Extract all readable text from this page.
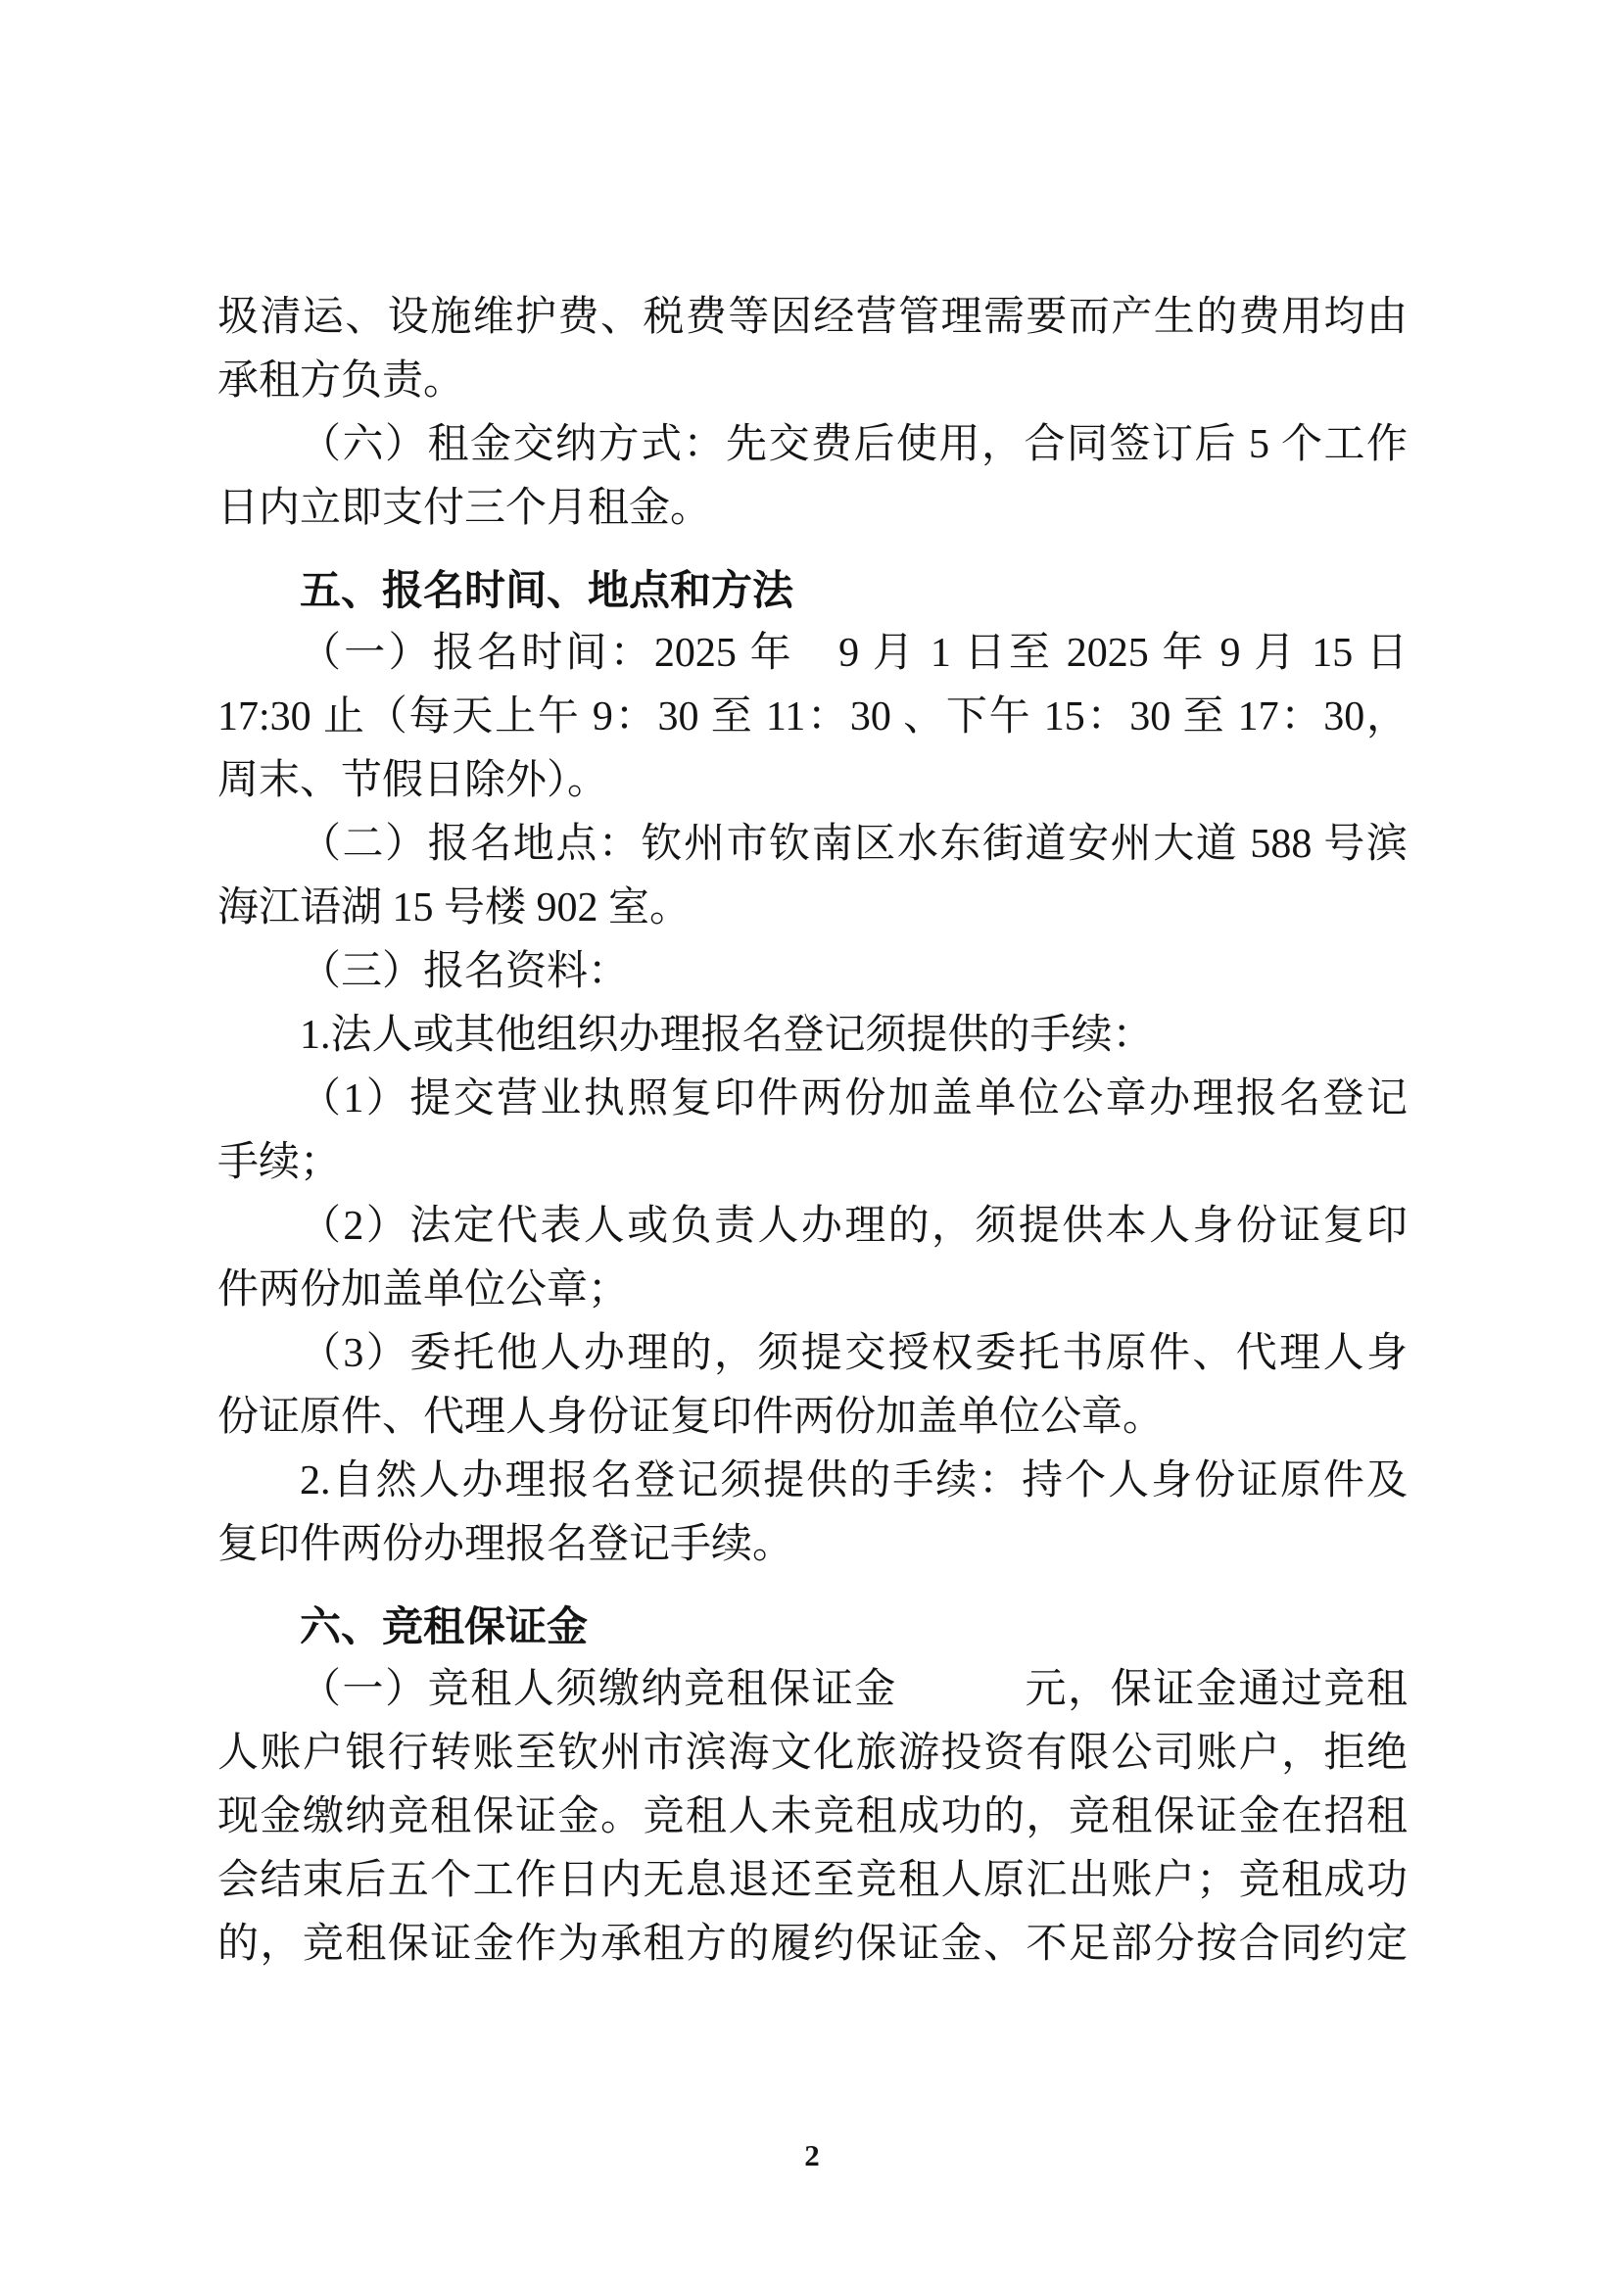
圾清运、设施维护费、税费等因经营管理需要而产生的费用均由
承租方负责。
（六）租金交纳方式：先交费后使用，合同签订后 5 个工作
日内立即支付三个月租金。
五、报名时间、地点和方法
（一）报名时间：2025 年　9 月 1 日至 2025 年 9 月 15 日
17:30 止（每天上午 9：30 至 11：30 、下午 15：30 至 17：30，
周末、节假日除外）。
（二）报名地点：钦州市钦南区水东街道安州大道 588 号滨
海江语湖 15 号楼 902 室。
（三）报名资料：
1.法人或其他组织办理报名登记须提供的手续：
（1）提交营业执照复印件两份加盖单位公章办理报名登记
手续；
（2）法定代表人或负责人办理的，须提供本人身份证复印
件两份加盖单位公章；
（3）委托他人办理的，须提交授权委托书原件、代理人身
份证原件、代理人身份证复印件两份加盖单位公章。
2.自然人办理报名登记须提供的手续：持个人身份证原件及
复印件两份办理报名登记手续。
六、竞租保证金
（一）竞租人须缴纳竞租保证金　　　元，保证金通过竞租
人账户银行转账至钦州市滨海文化旅游投资有限公司账户，拒绝
现金缴纳竞租保证金。竞租人未竞租成功的，竞租保证金在招租
会结束后五个工作日内无息退还至竞租人原汇出账户；竞租成功
的，竞租保证金作为承租方的履约保证金、不足部分按合同约定
2
